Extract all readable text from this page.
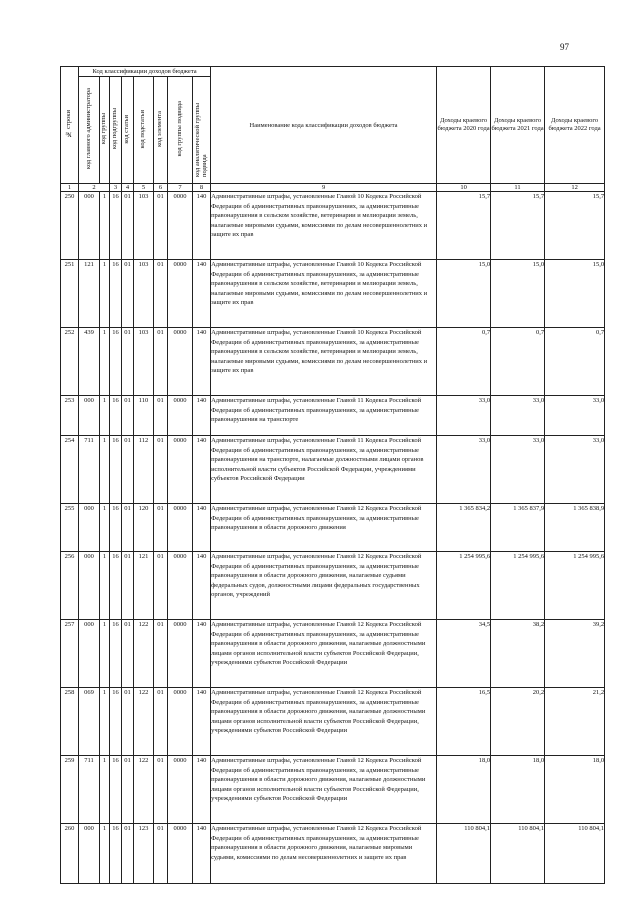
97
№ строки	Код классификации доходов бюджета								Наименование кода классификации доходов бюджета	Доходы краевого бюджета 2020 года	Доходы краевого бюджета 2021 года	Доходы краевого бюджета 2022 года
	код главного администратора	код группы	код подгруппы	код статьи	код подстатьи	код элемента	код группы подвида	код аналитической группы подвида				
1	2		3	4	5	6	7	8	9	10	11	12
250	000	1	16	01	103	01	0000	140	Административные штрафы, установленные Главой 10 Кодекса Российской Федерации об административных правонарушениях, за административные правонарушения в сельском хозяйстве, ветеринарии и мелиорации земель, налагаемые мировыми судьями, комиссиями по делам несовершеннолетних и защите их прав	15,7	15,7	15,7
251	121	1	16	01	103	01	0000	140	Административные штрафы, установленные Главой 10 Кодекса Российской Федерации об административных правонарушениях, за административные правонарушения в сельском хозяйстве, ветеринарии и мелиорации земель, налагаемые мировыми судьями, комиссиями по делам несовершеннолетних и защите их прав	15,0	15,0	15,0
252	439	1	16	01	103	01	0000	140	Административные штрафы, установленные Главой 10 Кодекса Российской Федерации об административных правонарушениях, за административные правонарушения в сельском хозяйстве, ветеринарии и мелиорации земель, налагаемые мировыми судьями, комиссиями по делам несовершеннолетних и защите их прав	0,7	0,7	0,7
253	000	1	16	01	110	01	0000	140	Административные штрафы, установленные Главой 11 Кодекса Российской Федерации об административных правонарушениях, за административные правонарушения на транспорте	33,0	33,0	33,0
254	711	1	16	01	112	01	0000	140	Административные штрафы, установленные Главой 11 Кодекса Российской Федерации об административных правонарушениях, за административные правонарушения на транспорте, налагаемые должностными лицами органов исполнительной власти субъектов Российской Федерации, учреждениями субъектов Российской Федерации	33,0	33,0	33,0
255	000	1	16	01	120	01	0000	140	Административные штрафы, установленные Главой 12 Кодекса Российской Федерации об административных правонарушениях, за административные правонарушения в области дорожного движения	1 365 834,2	1 365 837,9	1 365 838,9
256	000	1	16	01	121	01	0000	140	Административные штрафы, установленные Главой 12 Кодекса Российской Федерации об административных правонарушениях, за административные правонарушения в области дорожного движения, налагаемые судьями федеральных судов, должностными лицами федеральных государственных органов, учреждений	1 254 995,6	1 254 995,6	1 254 995,6
257	000	1	16	01	122	01	0000	140	Административные штрафы, установленные Главой 12 Кодекса Российской Федерации об административных правонарушениях, за административные правонарушения в области дорожного движения, налагаемые должностными лицами органов исполнительной власти субъектов Российской Федерации, учреждениями субъектов Российской Федерации	34,5	38,2	39,2
258	069	1	16	01	122	01	0000	140	Административные штрафы, установленные Главой 12 Кодекса Российской Федерации об административных правонарушениях, за административные правонарушения в области дорожного движения, налагаемые должностными лицами органов исполнительной власти субъектов Российской Федерации, учреждениями субъектов Российской Федерации	16,5	20,2	21,2
259	711	1	16	01	122	01	0000	140	Административные штрафы, установленные Главой 12 Кодекса Российской Федерации об административных правонарушениях, за административные правонарушения в области дорожного движения, налагаемые должностными лицами органов исполнительной власти субъектов Российской Федерации, учреждениями субъектов Российской Федерации	18,0	18,0	18,0
260	000	1	16	01	123	01	0000	140	Административные штрафы, установленные Главой 12 Кодекса Российской Федерации об административных правонарушениях, за административные правонарушения в области дорожного движения, налагаемые мировыми судьями, комиссиями по делам несовершеннолетних и защите их прав	110 804,1	110 804,1	110 804,1
